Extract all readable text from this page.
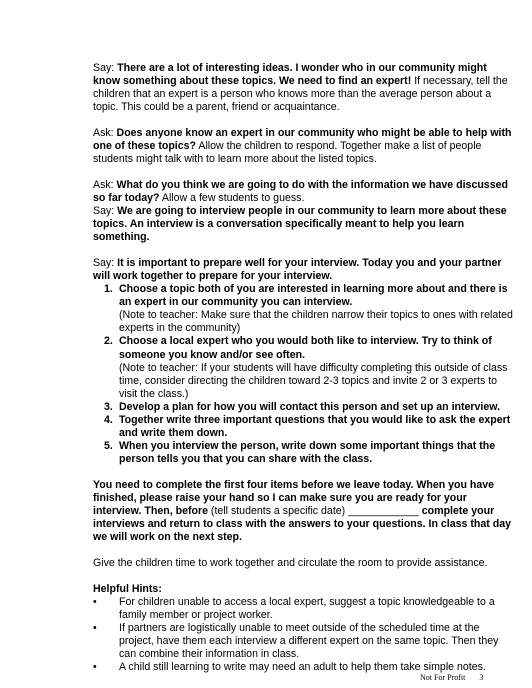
Say: There are a lot of interesting ideas. I wonder who in our community might know something about these topics. We need to find an expert! If necessary, tell the children that an expert is a person who knows more than the average person about a topic. This could be a parent, friend or acquaintance.

Ask: Does anyone know an expert in our community who might be able to help with one of these topics? Allow the children to respond. Together make a list of people students might talk with to learn more about the listed topics.

Ask: What do you think we are going to do with the information we have discussed so far today? Allow a few students to guess.
Say: We are going to interview people in our community to learn more about these topics. An interview is a conversation specifically meant to help you learn something.

Say: It is important to prepare well for your interview. Today you and your partner will work together to prepare for your interview.
1. Choose a topic both of you are interested in learning more about and there is an expert in our community you can interview.
(Note to teacher: Make sure that the children narrow their topics to ones with related experts in the community)
2. Choose a local expert who you would both like to interview. Try to think of someone you know and/or see often.
(Note to teacher: If your students will have difficulty completing this outside of class time, consider directing the children toward 2-3 topics and invite 2 or 3 experts to visit the class.)
3. Develop a plan for how you will contact this person and set up an interview.
4. Together write three important questions that you would like to ask the expert and write them down.
5. When you interview the person, write down some important things that the person tells you that you can share with the class.

You need to complete the first four items before we leave today. When you have finished, please raise your hand so I can make sure you are ready for your interview. Then, before (tell students a specific date) ____________ complete your interviews and return to class with the answers to your questions. In class that day we will work on the next step.

Give the children time to work together and circulate the room to provide assistance.

Helpful Hints:
• For children unable to access a local expert, suggest a topic knowledgeable to a family member or project worker.
• If partners are logistically unable to meet outside of the scheduled time at the project, have them each interview a different expert on the same topic. Then they can combine their information in class.
• A child still learning to write may need an adult to help them take simple notes.
Not For Profit 3
